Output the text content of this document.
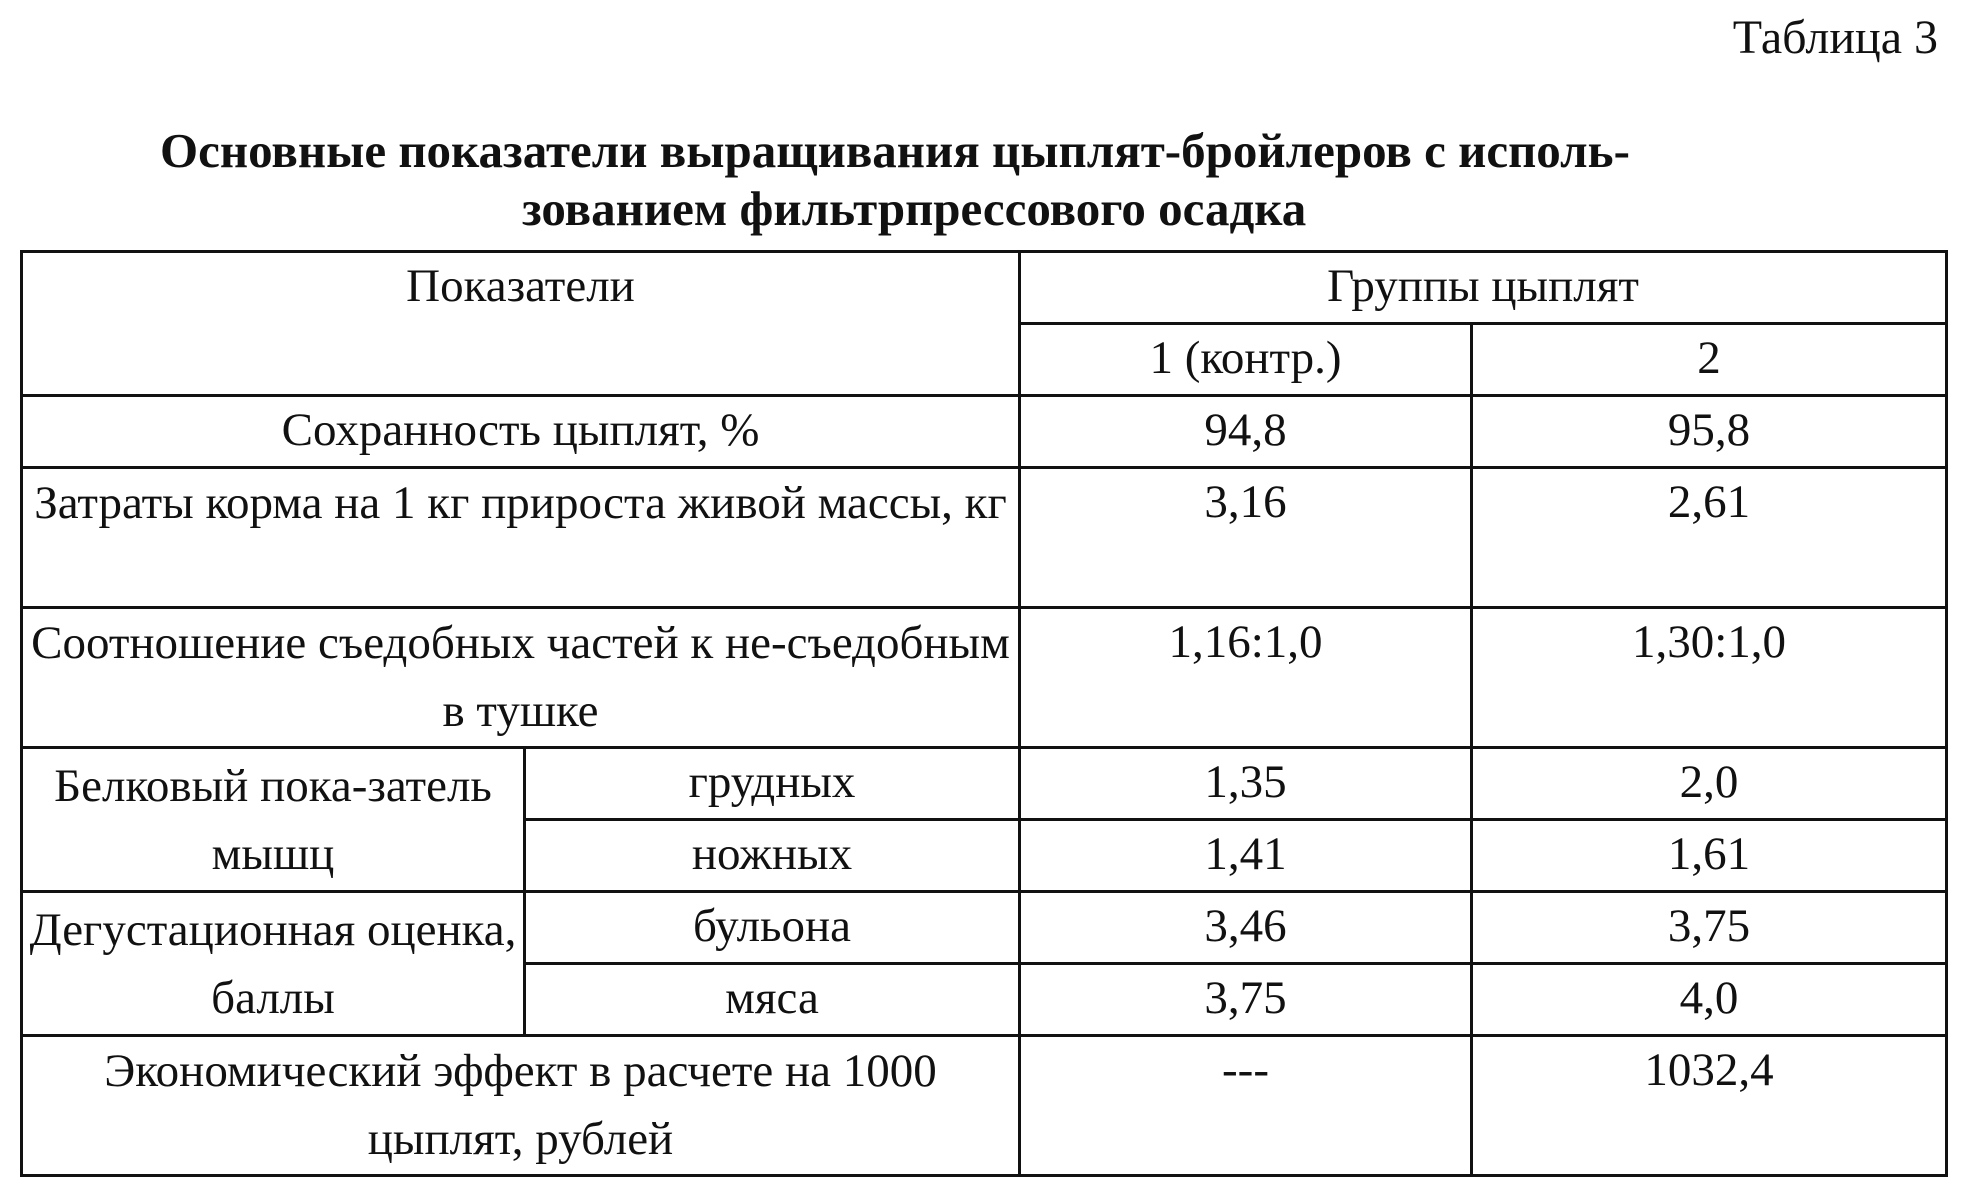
Таблица 3
Основные показатели выращивания цыплят-бройлеров с исполь-
зованием фильтрпрессового осадка
Показатели		Группы цыплят	
		1 (контр.)	2
Сохранность цыплят, %		94,8	95,8
Затраты корма на 1 кг прироста живой массы, кг		3,16	2,61
Соотношение съедобных частей к не-съедобным в тушке		1,16:1,0	1,30:1,0
Белковый пока-затель мышц	грудных	1,35	2,0
	ножных	1,41	1,61
Дегустационная оценка, баллы	бульона	3,46	3,75
	мяса	3,75	4,0
Экономический эффект в расчете на 1000 цыплят, рублей		---	1032,4
